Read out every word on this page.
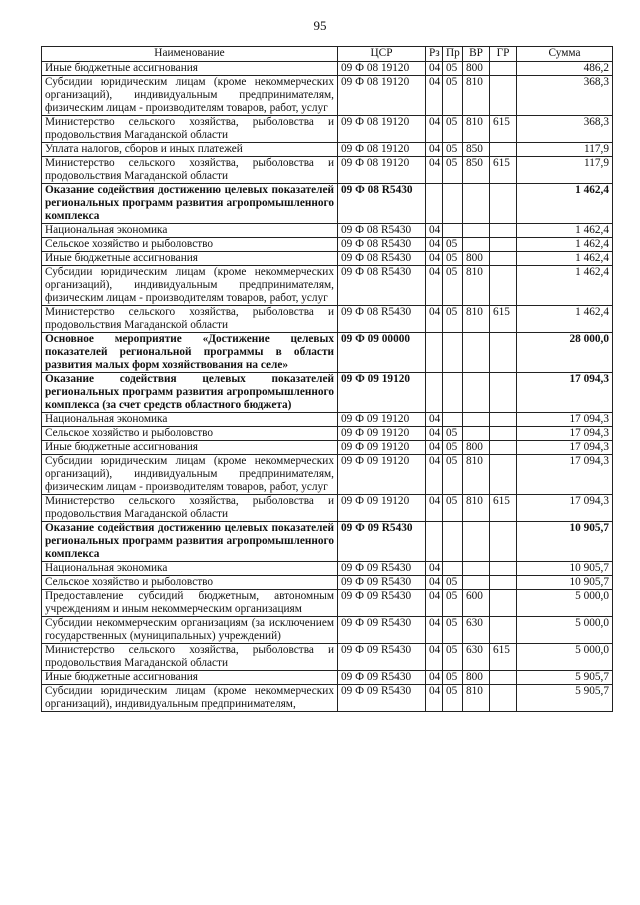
95
Наименование	ЦСР	Рз	Пр	ВР	ГР	Сумма
Иные бюджетные ассигнования	09 Ф 08 19120	04	05	800		486,2
Субсидии юридическим лицам (кроме некоммерческих организаций), индивидуальным предпринимателям, физическим лицам - производителям товаров, работ, услуг	09 Ф 08 19120	04	05	810		368,3
Министерство сельского хозяйства, рыболовства и продовольствия Магаданской области	09 Ф 08 19120	04	05	810	615	368,3
Уплата налогов, сборов и иных платежей	09 Ф 08 19120	04	05	850		117,9
Министерство сельского хозяйства, рыболовства и продовольствия Магаданской области	09 Ф 08 19120	04	05	850	615	117,9
Оказание содействия достижению целевых показателей региональных программ развития агропромышленного комплекса	09 Ф 08 R5430					1 462,4
Национальная экономика	09 Ф 08 R5430	04				1 462,4
Сельское хозяйство и рыболовство	09 Ф 08 R5430	04	05			1 462,4
Иные бюджетные ассигнования	09 Ф 08 R5430	04	05	800		1 462,4
Субсидии юридическим лицам (кроме некоммерческих организаций), индивидуальным предпринимателям, физическим лицам - производителям товаров, работ, услуг	09 Ф 08 R5430	04	05	810		1 462,4
Министерство сельского хозяйства, рыболовства и продовольствия Магаданской области	09 Ф 08 R5430	04	05	810	615	1 462,4
Основное мероприятие «Достижение целевых показателей региональной программы в области развития малых форм хозяйствования на селе»	09 Ф 09 00000					28 000,0
Оказание содействия целевых показателей региональных программ развития агропромышленного комплекса (за счет средств областного бюджета)	09 Ф 09 19120					17 094,3
Национальная экономика	09 Ф 09 19120	04				17 094,3
Сельское хозяйство и рыболовство	09 Ф 09 19120	04	05			17 094,3
Иные бюджетные ассигнования	09 Ф 09 19120	04	05	800		17 094,3
Субсидии юридическим лицам (кроме некоммерческих организаций), индивидуальным предпринимателям, физическим лицам - производителям товаров, работ, услуг	09 Ф 09 19120	04	05	810		17 094,3
Министерство сельского хозяйства, рыболовства и продовольствия Магаданской области	09 Ф 09 19120	04	05	810	615	17 094,3
Оказание содействия достижению целевых показателей региональных программ развития агропромышленного комплекса	09 Ф 09 R5430					10 905,7
Национальная экономика	09 Ф 09 R5430	04				10 905,7
Сельское хозяйство и рыболовство	09 Ф 09 R5430	04	05			10 905,7
Предоставление субсидий бюджетным, автономным учреждениям и иным некоммерческим организациям	09 Ф 09 R5430	04	05	600		5 000,0
Субсидии некоммерческим организациям (за исключением государственных (муниципальных) учреждений)	09 Ф 09 R5430	04	05	630		5 000,0
Министерство сельского хозяйства, рыболовства и продовольствия Магаданской области	09 Ф 09 R5430	04	05	630	615	5 000,0
Иные бюджетные ассигнования	09 Ф 09 R5430	04	05	800		5 905,7
Субсидии юридическим лицам (кроме некоммерческих организаций), индивидуальным предпринимателям,	09 Ф 09 R5430	04	05	810		5 905,7
